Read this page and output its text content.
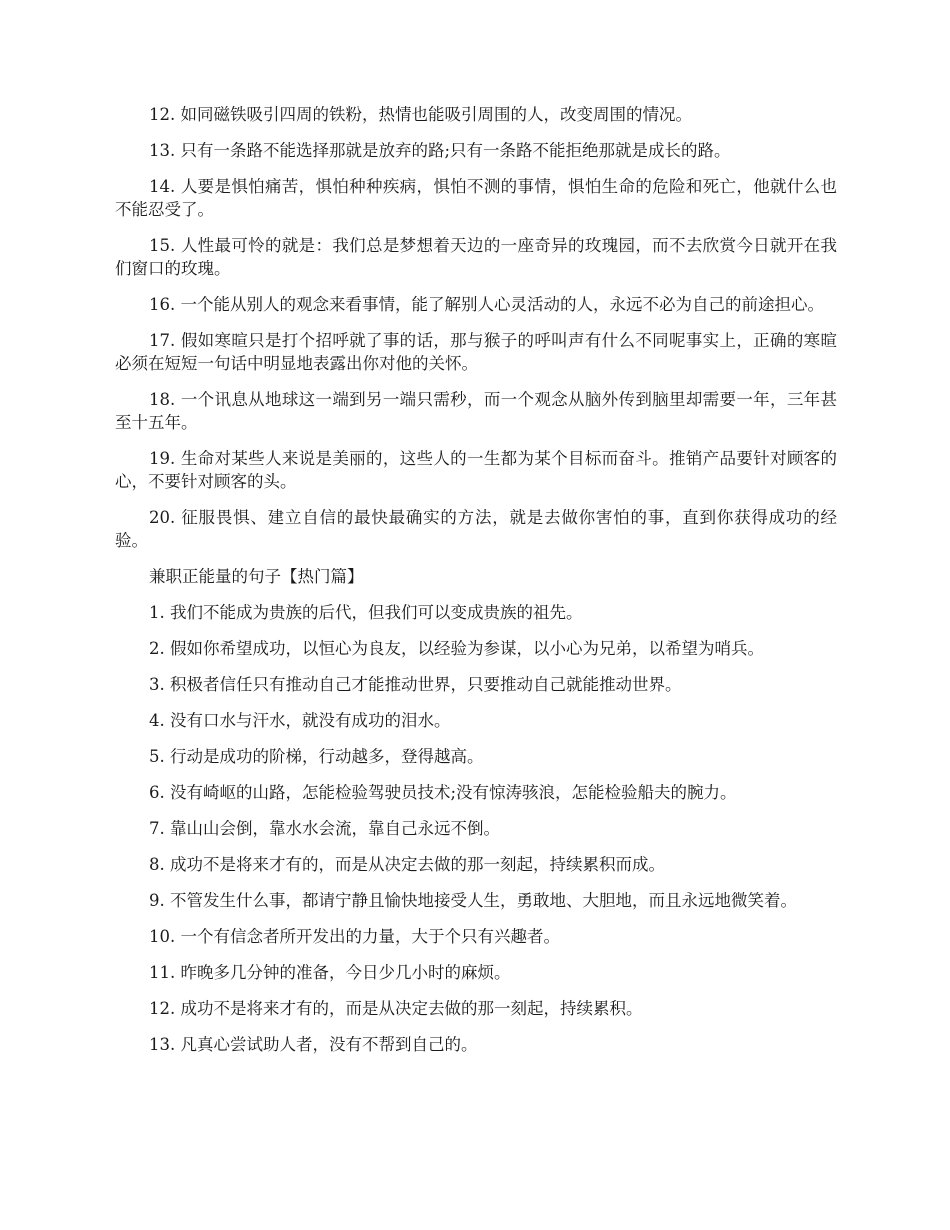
12. 如同磁铁吸引四周的铁粉，热情也能吸引周围的人，改变周围的情况。

13. 只有一条路不能选择那就是放弃的路;只有一条路不能拒绝那就是成长的路。

14. 人要是惧怕痛苦，惧怕种种疾病，惧怕不测的事情，惧怕生命的危险和死亡，他就什么也不能忍受了。

15. 人性最可怜的就是：我们总是梦想着天边的一座奇异的玫瑰园，而不去欣赏今日就开在我们窗口的玫瑰。

16. 一个能从别人的观念来看事情，能了解别人心灵活动的人，永远不必为自己的前途担心。

17. 假如寒暄只是打个招呼就了事的话，那与猴子的呼叫声有什么不同呢事实上，正确的寒暄必须在短短一句话中明显地表露出你对他的关怀。

18. 一个讯息从地球这一端到另一端只需秒，而一个观念从脑外传到脑里却需要一年，三年甚至十五年。

19. 生命对某些人来说是美丽的，这些人的一生都为某个目标而奋斗。推销产品要针对顾客的心，不要针对顾客的头。

20. 征服畏惧、建立自信的最快最确实的方法，就是去做你害怕的事，直到你获得成功的经验。

兼职正能量的句子【热门篇】

1. 我们不能成为贵族的后代，但我们可以变成贵族的祖先。

2. 假如你希望成功，以恒心为良友，以经验为参谋，以小心为兄弟，以希望为哨兵。

3. 积极者信任只有推动自己才能推动世界，只要推动自己就能推动世界。

4. 没有口水与汗水，就没有成功的泪水。

5. 行动是成功的阶梯，行动越多，登得越高。

6. 没有崎岖的山路，怎能检验驾驶员技术;没有惊涛骇浪，怎能检验船夫的腕力。

7. 靠山山会倒，靠水水会流，靠自己永远不倒。

8. 成功不是将来才有的，而是从决定去做的那一刻起，持续累积而成。

9. 不管发生什么事，都请宁静且愉快地接受人生，勇敢地、大胆地，而且永远地微笑着。

10. 一个有信念者所开发出的力量，大于个只有兴趣者。

11. 昨晚多几分钟的准备，今日少几小时的麻烦。

12. 成功不是将来才有的，而是从决定去做的那一刻起，持续累积。

13. 凡真心尝试助人者，没有不帮到自己的。
